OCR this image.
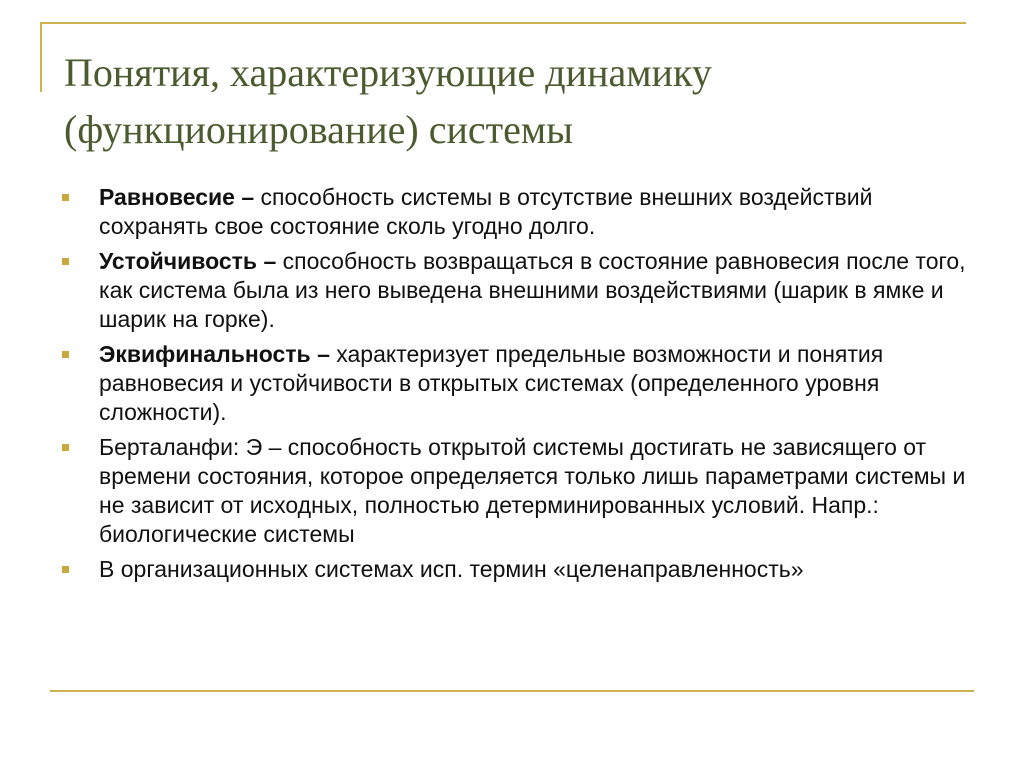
Понятия, характеризующие динамику
(функционирование) системы
Равновесие – способность системы в отсутствие внешних воздействий сохранять свое состояние сколь угодно долго.
Устойчивость – способность возвращаться в состояние равновесия после того, как система была из него выведена внешними воздействиями (шарик в ямке и шарик на горке).
Эквифинальность – характеризует предельные возможности и понятия равновесия и устойчивости в открытых системах (определенного уровня сложности).
Берталанфи: Э – способность открытой системы достигать не зависящего от времени состояния, которое определяется только лишь параметрами системы и не зависит от исходных, полностью детерминированных условий. Напр.: биологические системы
В организационных системах исп. термин «целенаправленность»
